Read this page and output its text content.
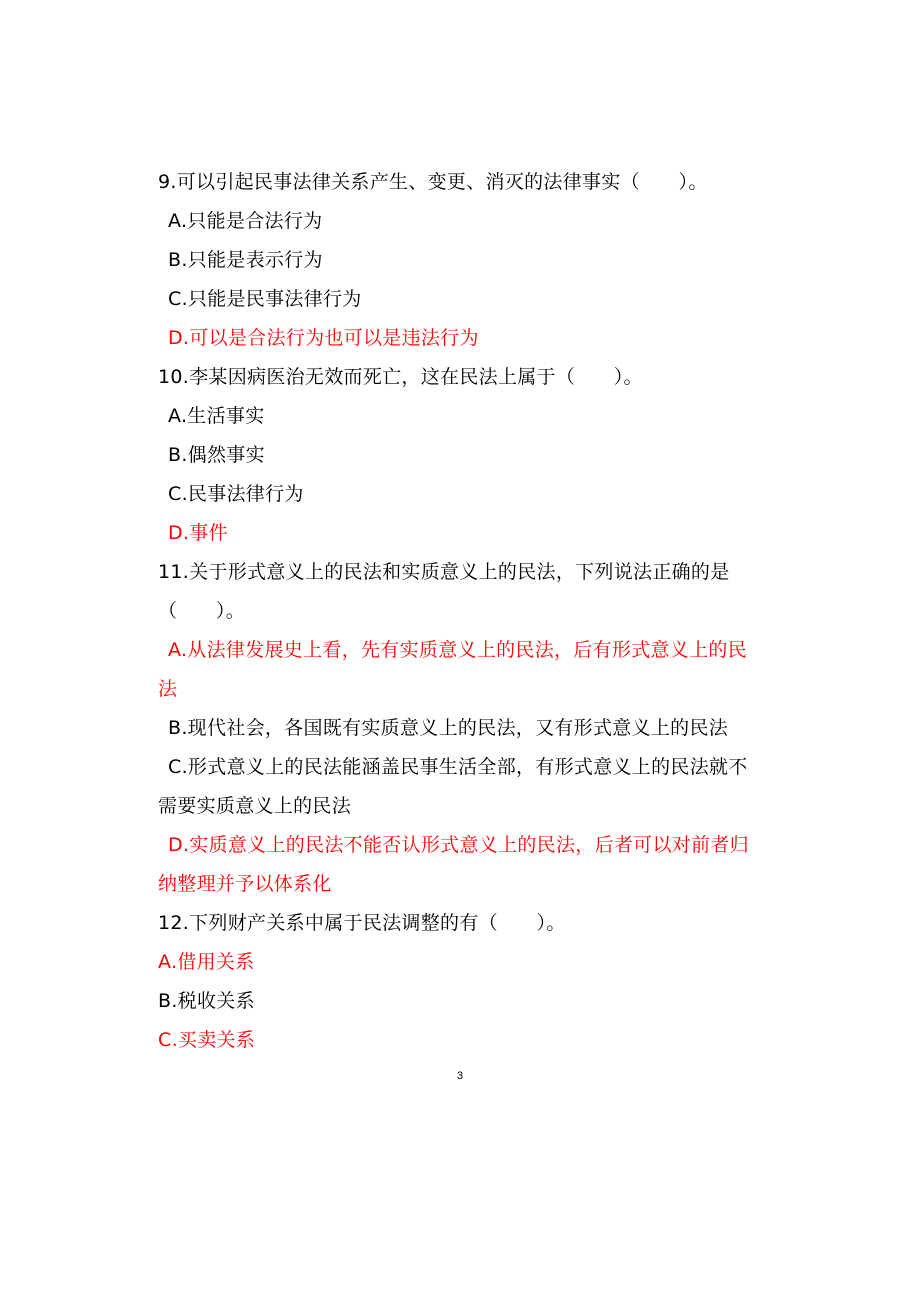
9.可以引起民事法律关系产生、变更、消灭的法律事实（　　）。
A.只能是合法行为
B.只能是表示行为
C.只能是民事法律行为
D.可以是合法行为也可以是违法行为
10.李某因病医治无效而死亡，这在民法上属于（　　）。
A.生活事实
B.偶然事实
C.民事法律行为
D.事件
11.关于形式意义上的民法和实质意义上的民法，下列说法正确的是
（　　）。
A.从法律发展史上看，先有实质意义上的民法，后有形式意义上的民
法
B.现代社会，各国既有实质意义上的民法，又有形式意义上的民法
C.形式意义上的民法能涵盖民事生活全部，有形式意义上的民法就不
需要实质意义上的民法
D.实质意义上的民法不能否认形式意义上的民法，后者可以对前者归
纳整理并予以体系化
12.下列财产关系中属于民法调整的有（　　）。
A.借用关系
B.税收关系
C.买卖关系
3
